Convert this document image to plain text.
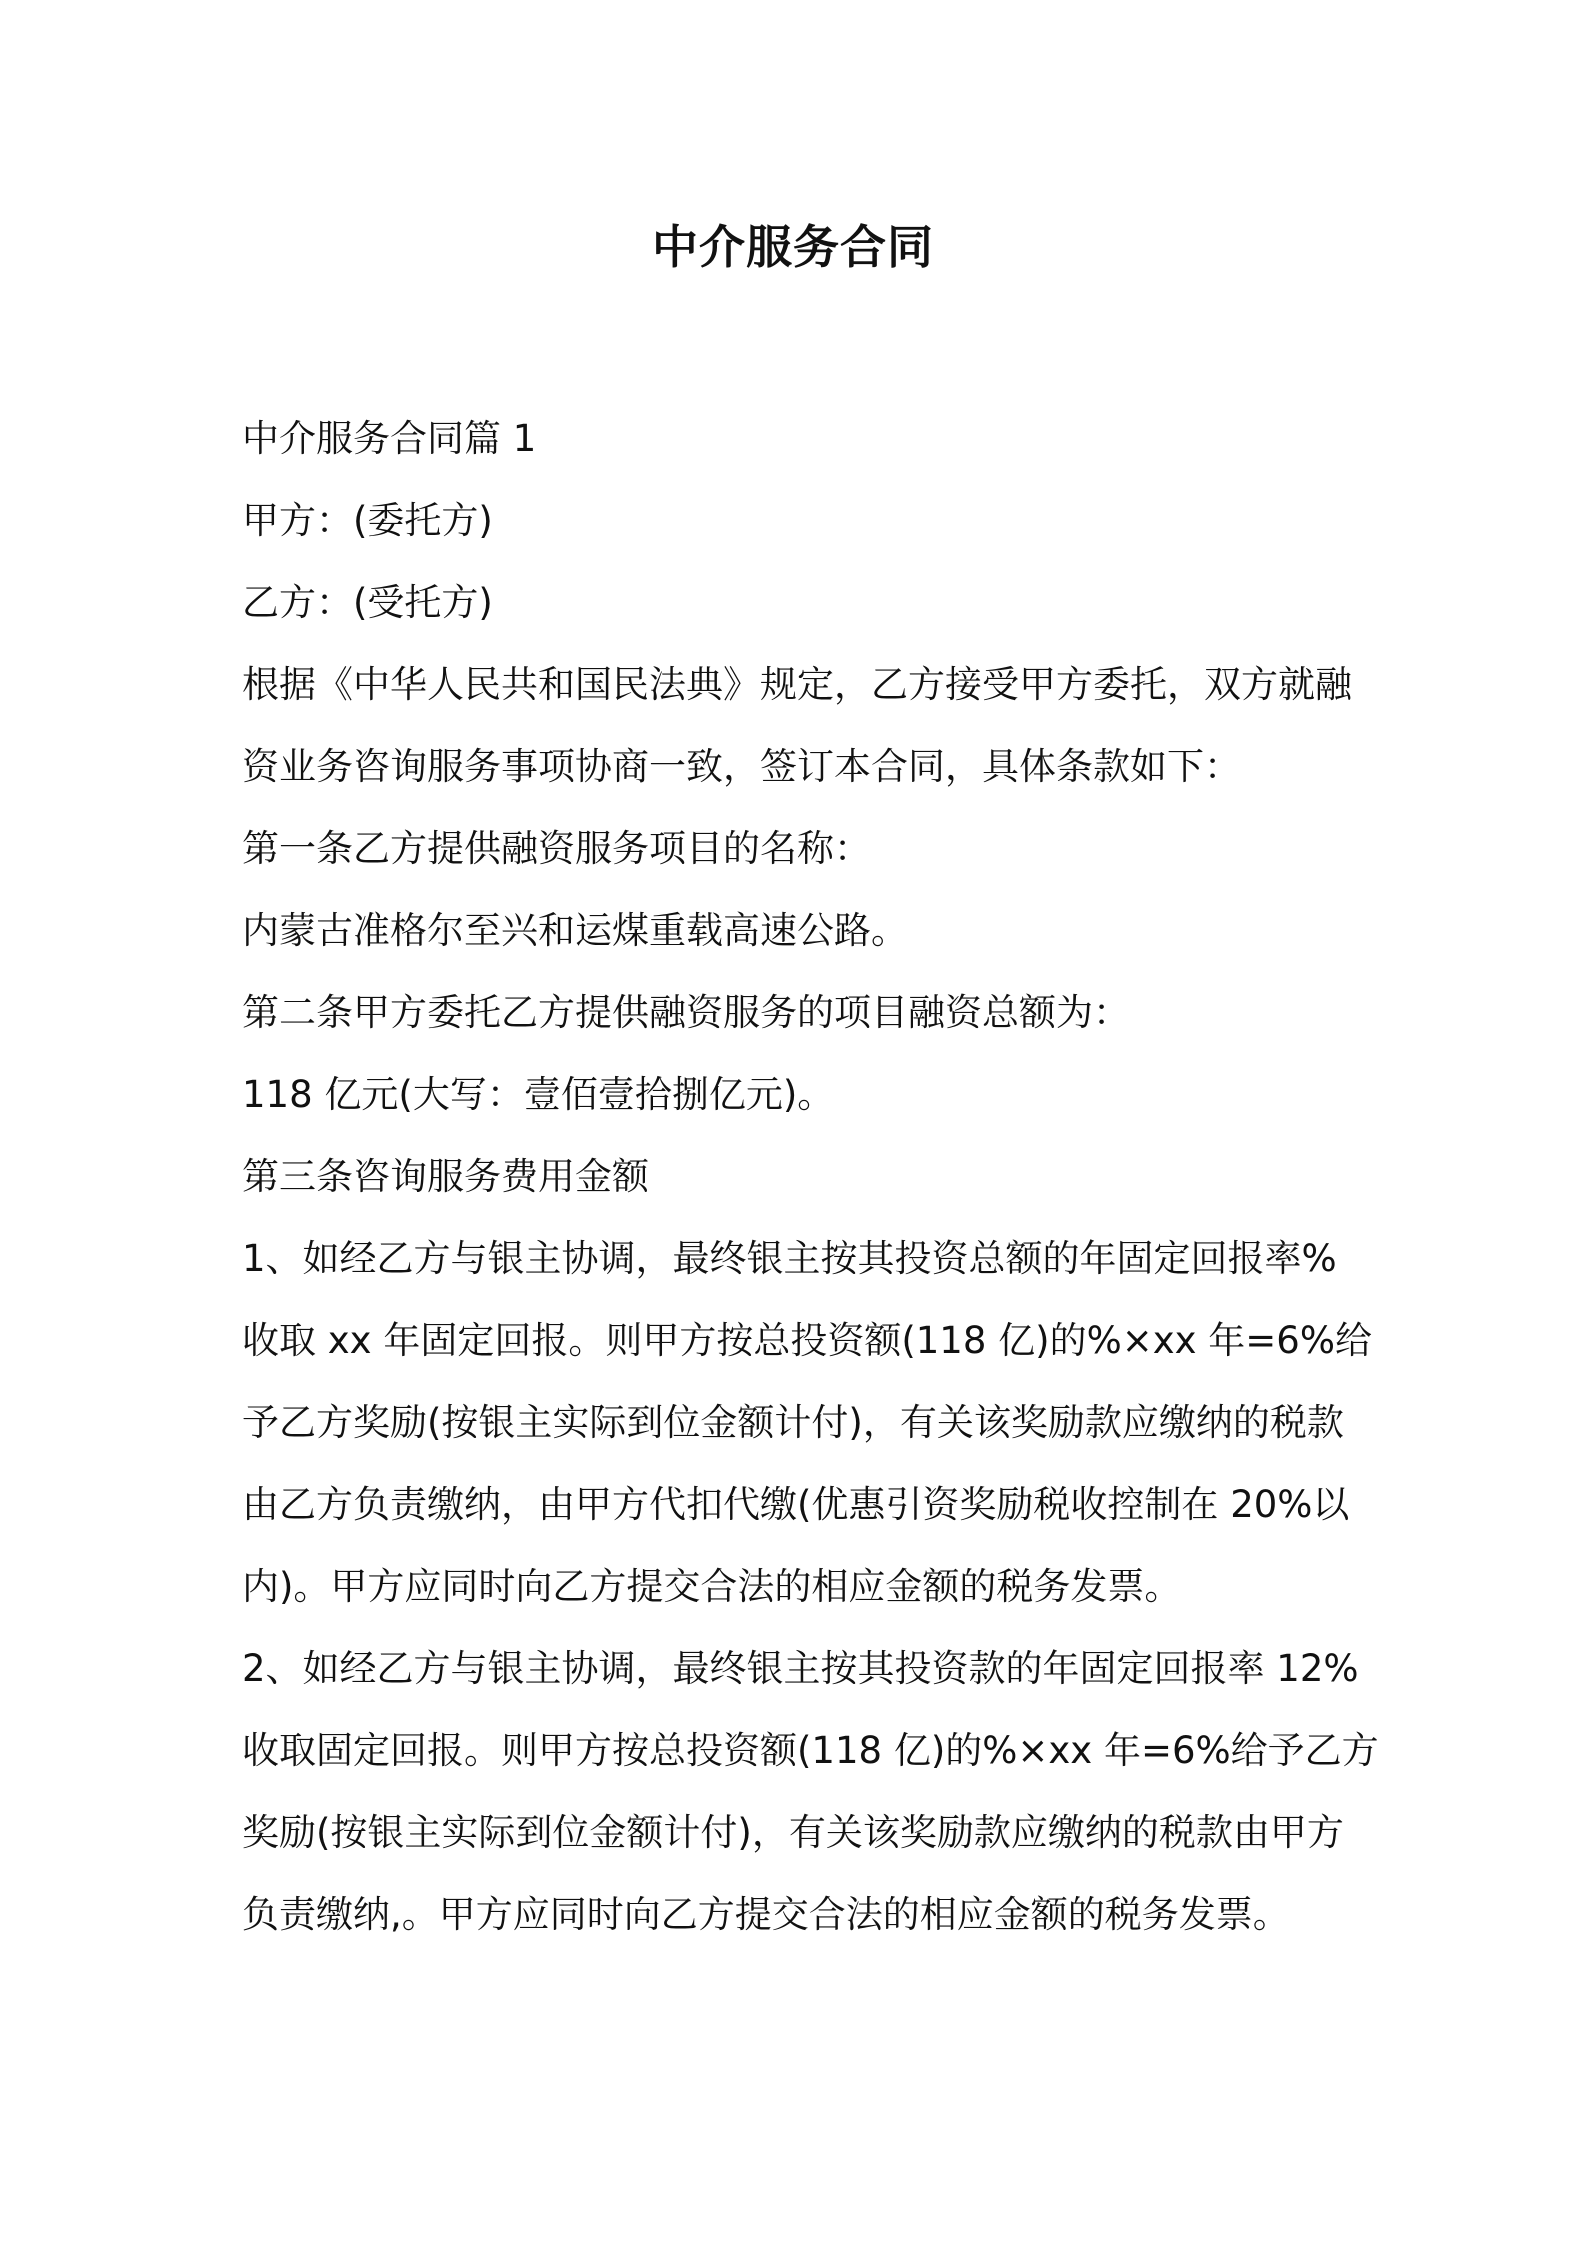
中介服务合同

中介服务合同篇 1

甲方：(委托方)

乙方：(受托方)

根据《中华人民共和国民法典》规定，乙方接受甲方委托，双方就融

资业务咨询服务事项协商一致，签订本合同，具体条款如下：

第一条乙方提供融资服务项目的名称：

内蒙古准格尔至兴和运煤重载高速公路。

第二条甲方委托乙方提供融资服务的项目融资总额为：

118 亿元(大写：壹佰壹拾捌亿元)。

第三条咨询服务费用金额

1、如经乙方与银主协调，最终银主按其投资总额的年固定回报率%

收取 xx 年固定回报。则甲方按总投资额(118 亿)的%×xx 年=6%给

予乙方奖励(按银主实际到位金额计付)，有关该奖励款应缴纳的税款

由乙方负责缴纳，由甲方代扣代缴(优惠引资奖励税收控制在 20%以

内)。甲方应同时向乙方提交合法的相应金额的税务发票。

2、如经乙方与银主协调，最终银主按其投资款的年固定回报率 12%

收取固定回报。则甲方按总投资额(118 亿)的%×xx 年=6%给予乙方

奖励(按银主实际到位金额计付)，有关该奖励款应缴纳的税款由甲方

负责缴纳,。甲方应同时向乙方提交合法的相应金额的税务发票。
